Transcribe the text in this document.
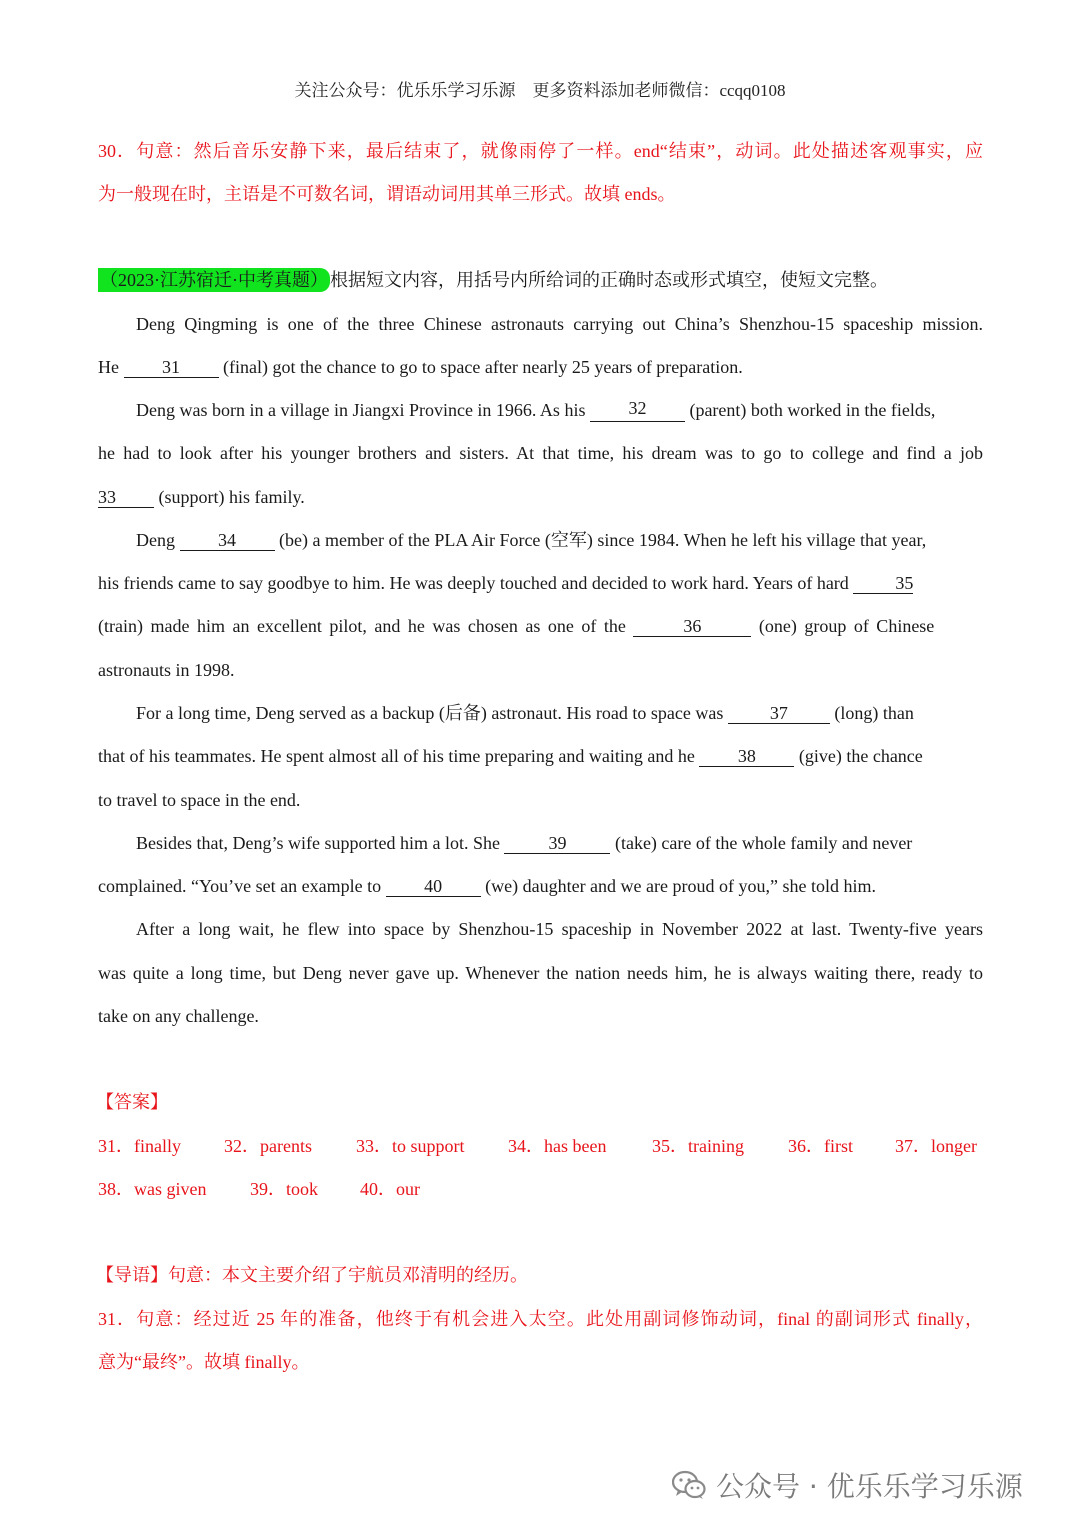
关注公众号：优乐乐学习乐源　更多资料添加老师微信：ccqq0108
30．句意：然后音乐安静下来，最后结束了，就像雨停了一样。end“结束”，动词。此处描述客观事实，应
为一般现在时，主语是不可数名词，谓语动词用其单三形式。故填 ends。
（2023·江苏宿迁·中考真题） 根据短文内容，用括号内所给词的正确时态或形式填空，使短文完整。
Deng Qingming is one of the three Chinese astronauts carrying out China’s Shenzhou-15 spaceship mission.
He 31 (final) got the chance to go to space after nearly 25 years of preparation.
Deng was born in a village in Jiangxi Province in 1966. As his	32	(parent) both worked in the fields,
he had to look after his younger brothers and sisters. At that time, his dream was to go to college and find a job
33 (support) his family.
Deng 34 (be) a member of the PLA Air Force (空军) since 1984. When he left his village that year,
his friends came to say goodbye to him. He was deeply touched and decided to work hard. Years of hard 35
(train) made him an excellent pilot, and he was chosen as one of the	36	(one) group of Chinese
astronauts in 1998.
For a long time, Deng served as a backup (后备) astronaut. His road to space was 37 (long) than
that of his teammates. He spent almost all of his time preparing and waiting and he 38 (give) the chance
to travel to space in the end.
Besides that, Deng’s wife supported him a lot. She 39 (take) care of the whole family and never
complained. “You’ve set an example to 40 (we) daughter and we are proud of you,” she told him.
After a long wait, he flew into space by Shenzhou-15 spaceship in November 2022 at last. Twenty-five years
was quite a long time, but Deng never gave up. Whenever the nation needs him, he is always waiting there, ready to
take on any challenge.
【答案】
31．finally 32．parents 33．to support 34．has been	35．training 36．first 37．longer
38．was given 39．took 40．our
【导语】句意：本文主要介绍了宇航员邓清明的经历。
31．句意：经过近 25 年的准备，他终于有机会进入太空。此处用副词修饰动词，final 的副词形式 finally，
意为“最终”。故填 finally。
公众号 · 优乐乐学习乐源
